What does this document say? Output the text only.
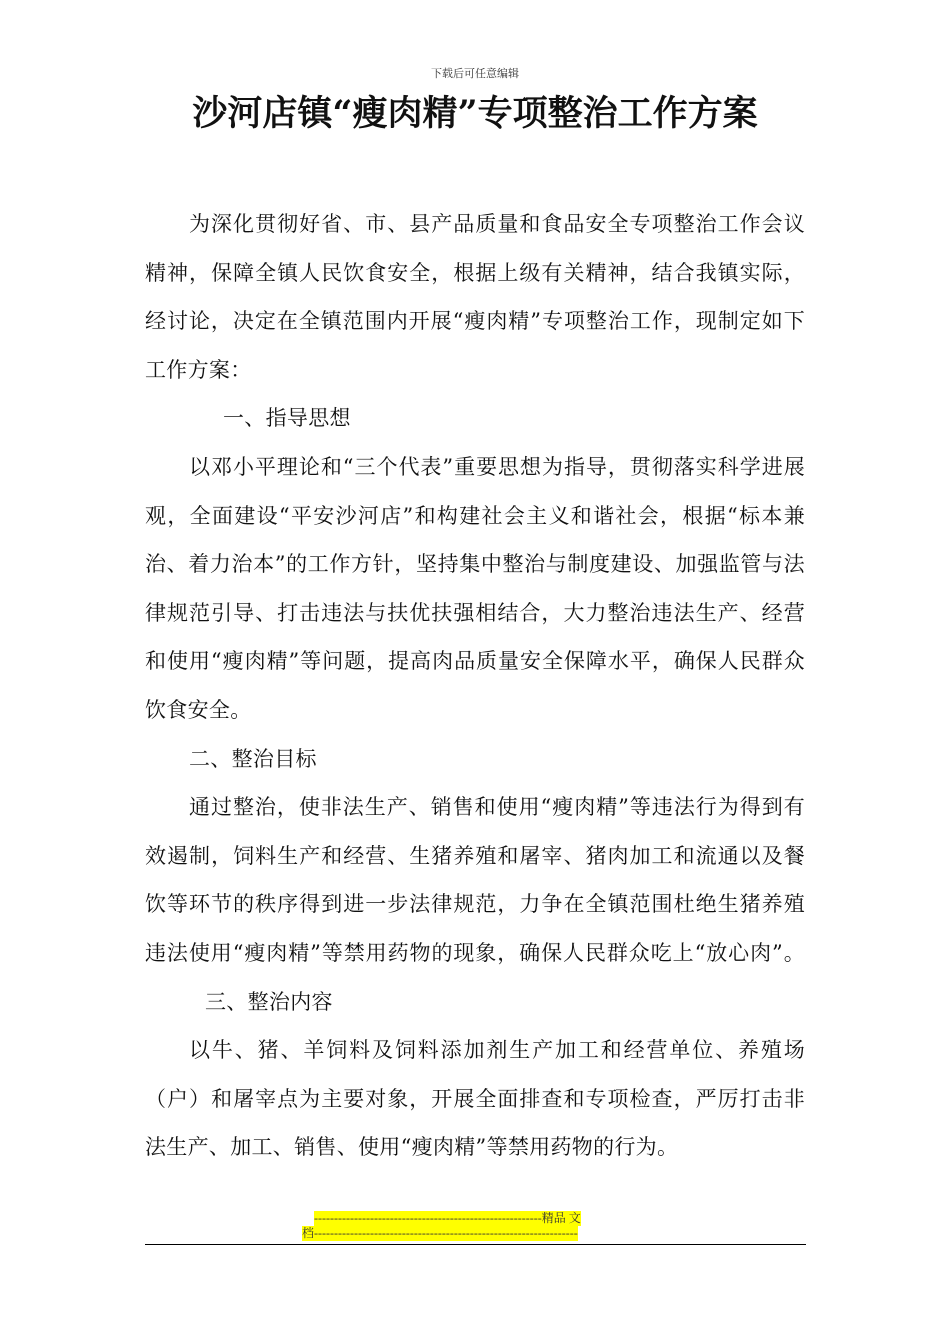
下载后可任意编辑
沙河店镇“瘦肉精”专项整治工作方案

为深化贯彻好省、市、县产品质量和食品安全专项整治工作会议精神，保障全镇人民饮食安全，根据上级有关精神，结合我镇实际，经讨论，决定在全镇范围内开展“瘦肉精”专项整治工作，现制定如下工作方案：

一、指导思想

以邓小平理论和“三个代表”重要思想为指导，贯彻落实科学进展观，全面建设“平安沙河店”和构建社会主义和谐社会，根据“标本兼治、着力治本”的工作方针，坚持集中整治与制度建设、加强监管与法律规范引导、打击违法与扶优扶强相结合，大力整治违法生产、经营和使用“瘦肉精”等问题，提高肉品质量安全保障水平，确保人民群众饮食安全。

二、整治目标

通过整治，使非法生产、销售和使用“瘦肉精”等违法行为得到有效遏制，饲料生产和经营、生猪养殖和屠宰、猪肉加工和流通以及餐饮等环节的秩序得到进一步法律规范，力争在全镇范围杜绝生猪养殖违法使用“瘦肉精”等禁用药物的现象，确保人民群众吃上“放心肉”。三、整治内容

以牛、猪、羊饲料及饲料添加剂生产加工和经营单位、养殖场（户）和屠宰点为主要对象，开展全面排查和专项检查，严厉打击非法生产、加工、销售、使用“瘦肉精”等禁用药物的行为。

---------------------------------------------------------精品 文
档------------------------------------------------------------------
